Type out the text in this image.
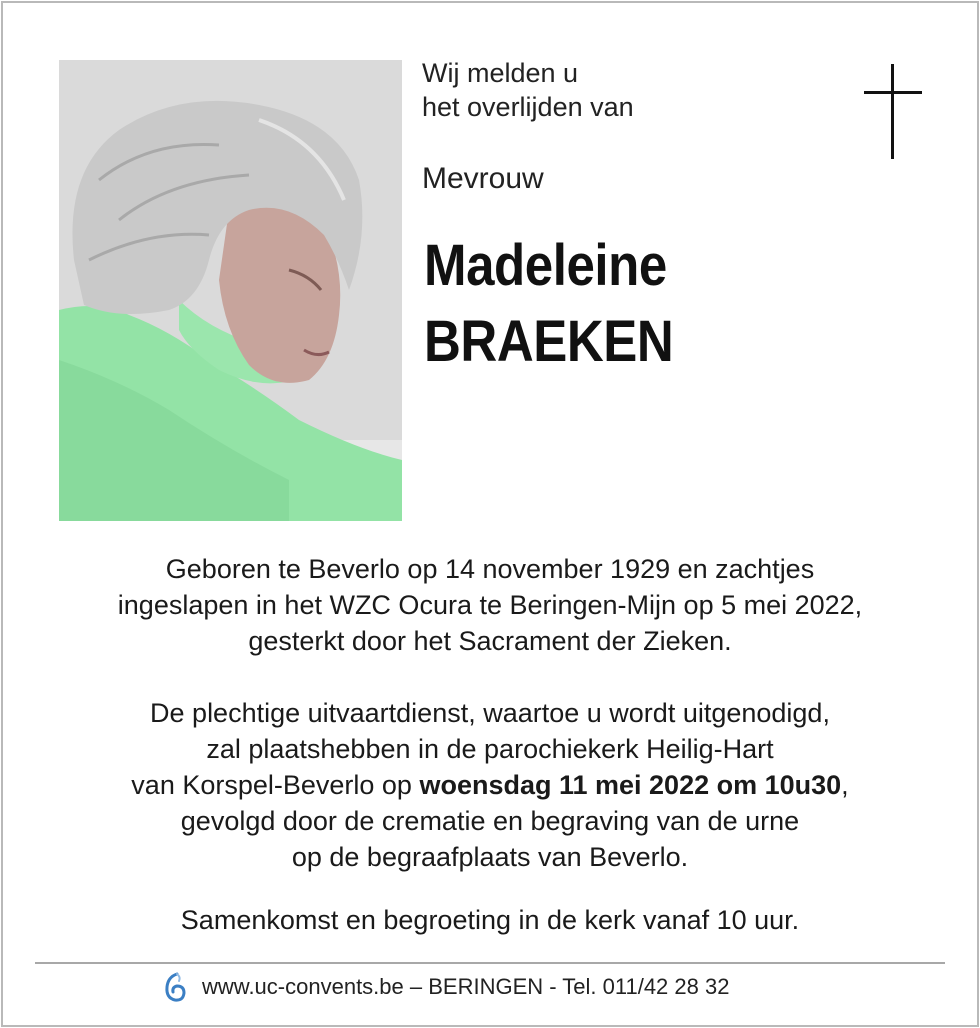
Wij melden u
het overlijden van
Mevrouw
Madeleine
BRAEKEN
Geboren te Beverlo op 14 november 1929 en zachtjes
ingeslapen in het WZC Ocura te Beringen-Mijn op 5 mei 2022,
gesterkt door het Sacrament der Zieken.
De plechtige uitvaartdienst, waartoe u wordt uitgenodigd,
zal plaatshebben in de parochiekerk Heilig-Hart
van Korspel-Beverlo op woensdag 11 mei 2022 om 10u30,
gevolgd door de crematie en begraving van de urne
op de begraafplaats van Beverlo.
Samenkomst en begroeting in de kerk vanaf 10 uur.
www.uc-convents.be – BERINGEN - Tel. 011/42 28 32
